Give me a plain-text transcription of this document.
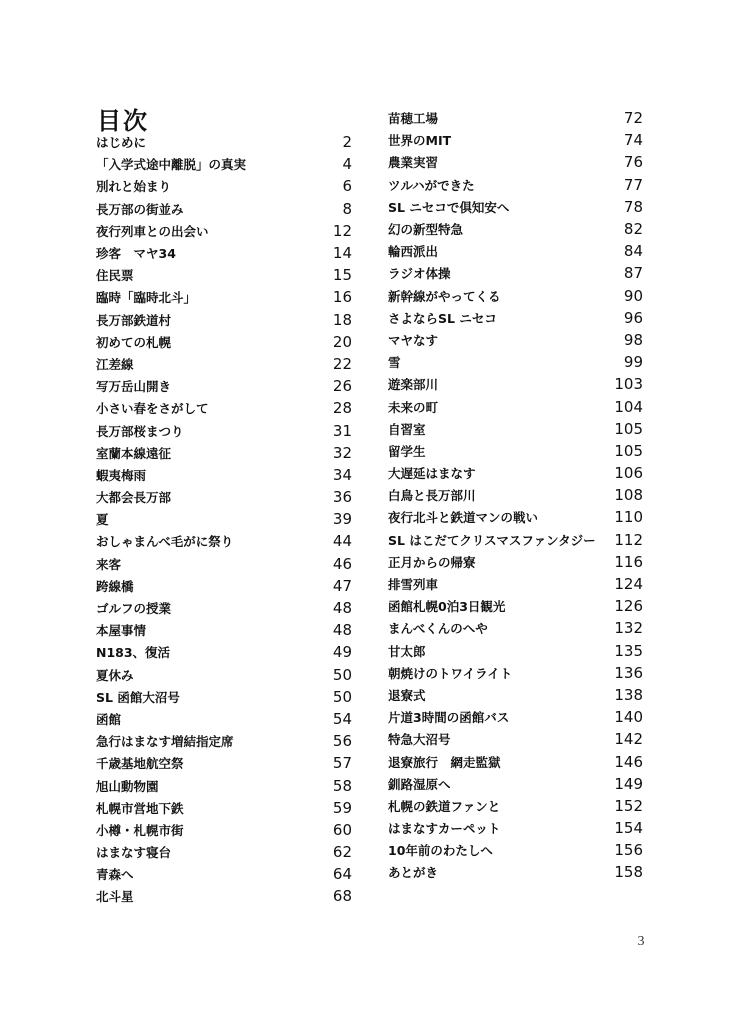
目次
はじめに	2
「入学式途中離脱」の真実	4
別れと始まり	6
長万部の街並み	8
夜行列車との出会い	12
珍客　マヤ34	14
住民票	15
臨時「臨時北斗」	16
長万部鉄道村	18
初めての札幌	20
江差線	22
写万岳山開き	26
小さい春をさがして	28
長万部桜まつり	31
室蘭本線遠征	32
蝦夷梅雨	34
大都会長万部	36
夏	39
おしゃまんべ毛がに祭り	44
来客	46
跨線橋	47
ゴルフの授業	48
本屋事情	48
N183、復活	49
夏休み	50
SL 函館大沼号	50
函館	54
急行はまなす増結指定席	56
千歳基地航空祭	57
旭山動物園	58
札幌市営地下鉄	59
小樽・札幌市街	60
はまなす寝台	62
青森へ	64
北斗星	68
苗穂工場	72
世界のMIT	74
農業実習	76
ツルハができた	77
SL ニセコで倶知安へ	78
幻の新型特急	82
輪西派出	84
ラジオ体操	87
新幹線がやってくる	90
さよならSL ニセコ	96
マヤなす	98
雪	99
遊楽部川	103
未来の町	104
自習室	105
留学生	105
大遅延はまなす	106
白鳥と長万部川	108
夜行北斗と鉄道マンの戦い	110
SL はこだてクリスマスファンタジー	112
正月からの帰寮	116
排雪列車	124
函館札幌0泊3日観光	126
まんべくんのへや	132
甘太郎	135
朝焼けのトワイライト	136
退寮式	138
片道3時間の函館バス	140
特急大沼号	142
退寮旅行　網走監獄	146
釧路湿原へ	149
札幌の鉄道ファンと	152
はまなすカーペット	154
10年前のわたしへ	156
あとがき	158
3
